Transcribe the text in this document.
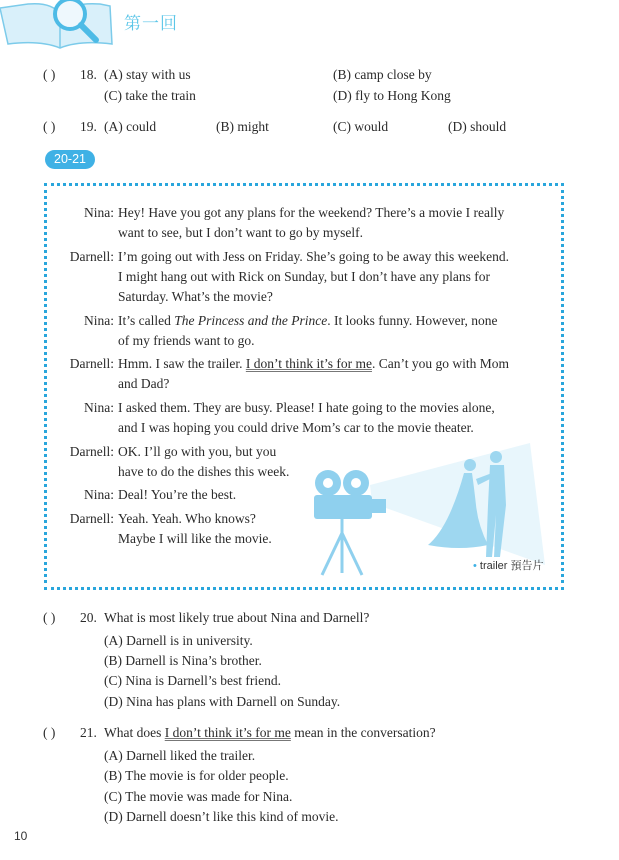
第一回
( ) 18. (A) stay with us	(B) camp close by
(C) take the train	(D) fly to Hong Kong
( ) 19. (A) could	(B) might	(C) would	(D) should
20-21
Nina: Hey! Have you got any plans for the weekend? There’s a movie I really
want to see, but I don’t want to go by myself.
Darnell: I’m going out with Jess on Friday. She’s going to be away this weekend.
I might hang out with Rick on Sunday, but I don’t have any plans for
Saturday. What’s the movie?
Nina: It’s called The Princess and the Prince. It looks funny. However, none
of my friends want to go.
Darnell: Hmm. I saw the trailer. I don’t think it’s for me. Can’t you go with Mom
and Dad?
Nina: I asked them. They are busy. Please! I hate going to the movies alone,
and I was hoping you could drive Mom’s car to the movie theater.
Darnell: OK. I’ll go with you, but you
have to do the dishes this week.
Nina: Deal! You’re the best.
Darnell: Yeah. Yeah. Who knows?
Maybe I will like the movie.
• trailer 預告片
( ) 20. What is most likely true about Nina and Darnell?
(A) Darnell is in university.
(B) Darnell is Nina’s brother.
(C) Nina is Darnell’s best friend.
(D) Nina has plans with Darnell on Sunday.
( ) 21. What does I don’t think it’s for me mean in the conversation?
(A) Darnell liked the trailer.
(B) The movie is for older people.
(C) The movie was made for Nina.
(D) Darnell doesn’t like this kind of movie.
10
